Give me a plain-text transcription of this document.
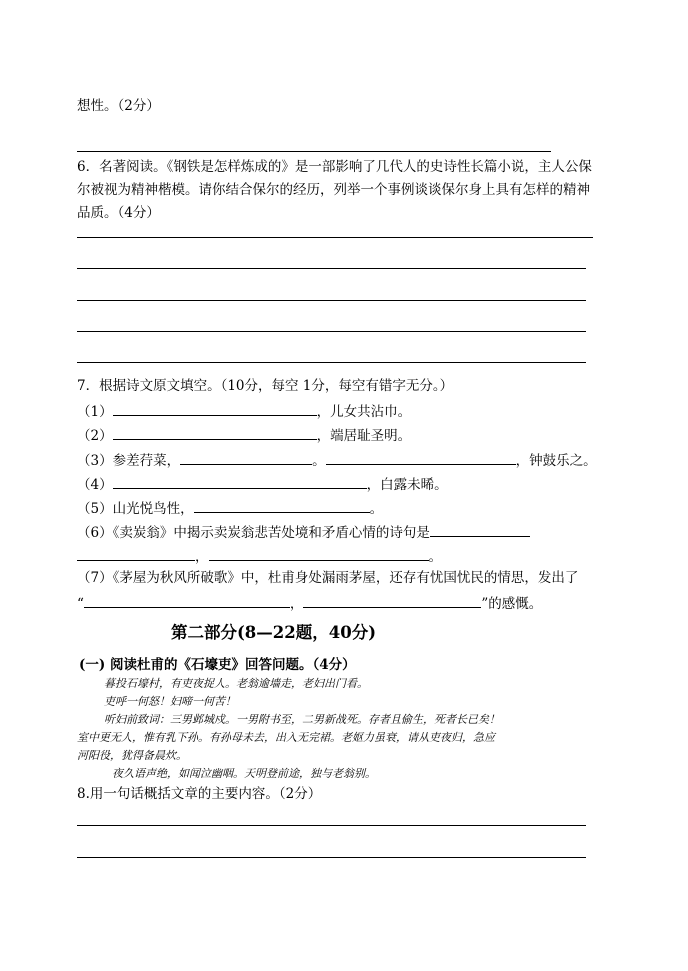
想性。（2分）
6．名著阅读。《钢铁是怎样炼成的》是一部影响了几代人的史诗性长篇小说，主人公保
尔被视为精神楷模。请你结合保尔的经历，列举一个事例谈谈保尔身上具有怎样的精神
品质。（4分）
7．根据诗文原文填空。（10分，每空 1分，每空有错字无分。）
（1）	，儿女共沾巾。
（2）	，端居耻圣明。
（3）参差荇菜，	。	，钟鼓乐之。
（4）	，白露未晞。
（5）山光悦鸟性，	。
（6）《卖炭翁》中揭示卖炭翁悲苦处境和矛盾心情的诗句是
，	。
（7）《茅屋为秋风所破歌》中，杜甫身处漏雨茅屋，还存有忧国忧民的情思，发出了
“	，	”的感慨。
第二部分(8—22题，40分)
(一) 阅读杜甫的《石壕吏》回答问题。（4分）
暮投石壕村，有吏夜捉人。老翁逾墙走，老妇出门看。
吏呼一何怒！妇啼一何苦！
听妇前致词：三男邺城戍。一男附书至，二男新战死。存者且偷生，死者长已矣！
室中更无人，惟有乳下孙。有孙母未去，出入无完裙。老妪力虽衰，请从吏夜归，急应
河阳役，犹得备晨炊。
夜久语声绝，如闻泣幽咽。天明登前途，独与老翁别。
8.用一句话概括文章的主要内容。（2分）
